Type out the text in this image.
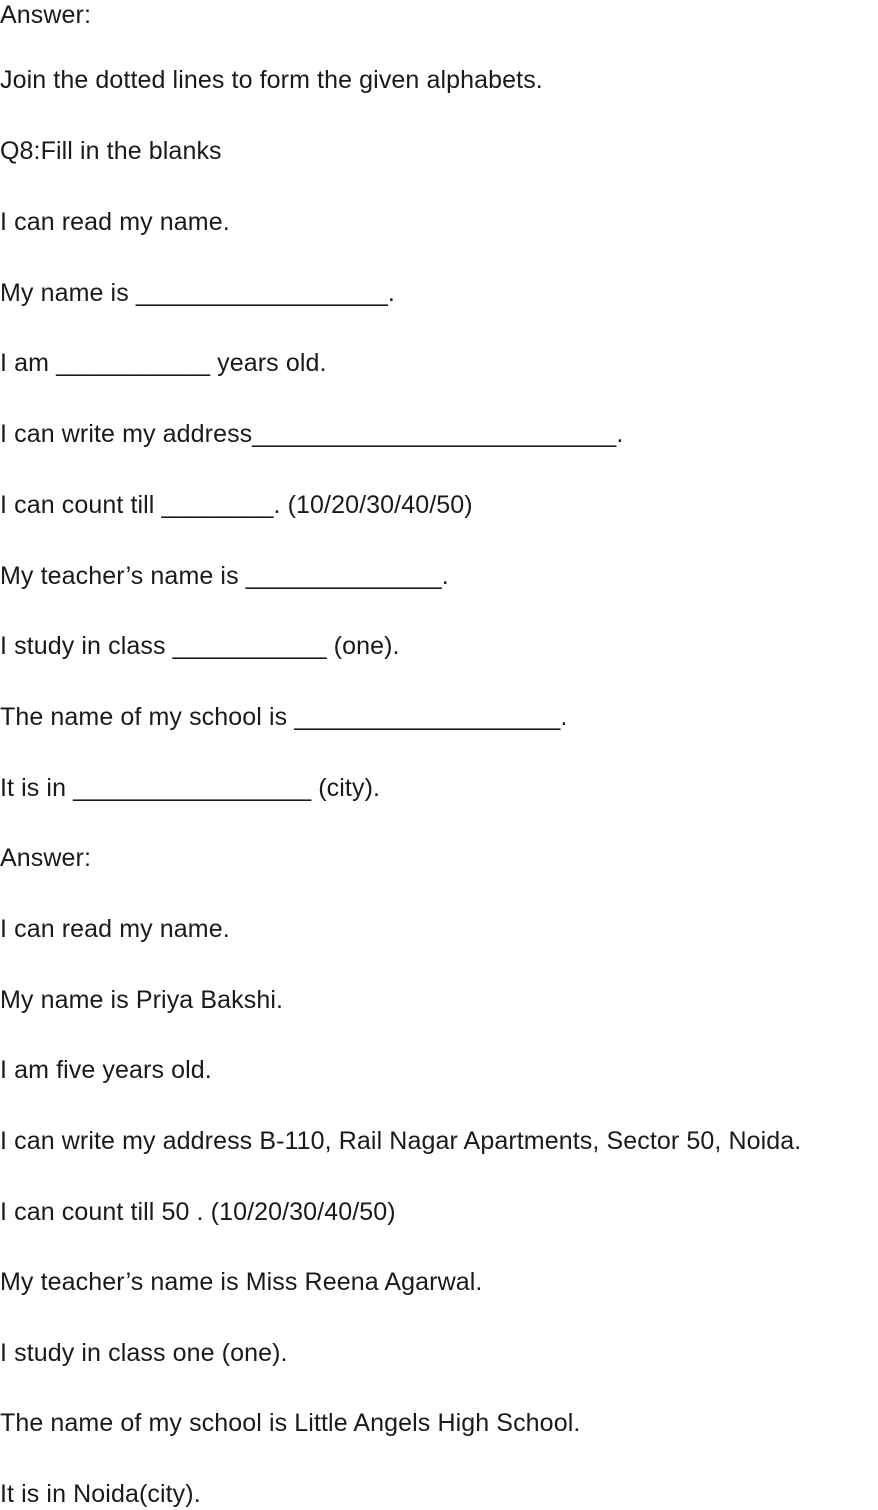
Answer:
Join the dotted lines to form the given alphabets.
Q8:Fill in the blanks
I can read my name.
My name is __________________.
I am ___________ years old.
I can write my address__________________________.
I can count till ________. (10/20/30/40/50)
My teacher’s name is ______________.
I study in class ___________ (one).
The name of my school is ___________________.
It is in _________________ (city).
Answer:
I can read my name.
My name is Priya Bakshi.
I am five years old.
I can write my address B-110, Rail Nagar Apartments, Sector 50, Noida.
I can count till 50 . (10/20/30/40/50)
My teacher’s name is Miss Reena Agarwal.
I study in class one (one).
The name of my school is Little Angels High School.
It is in Noida(city).
